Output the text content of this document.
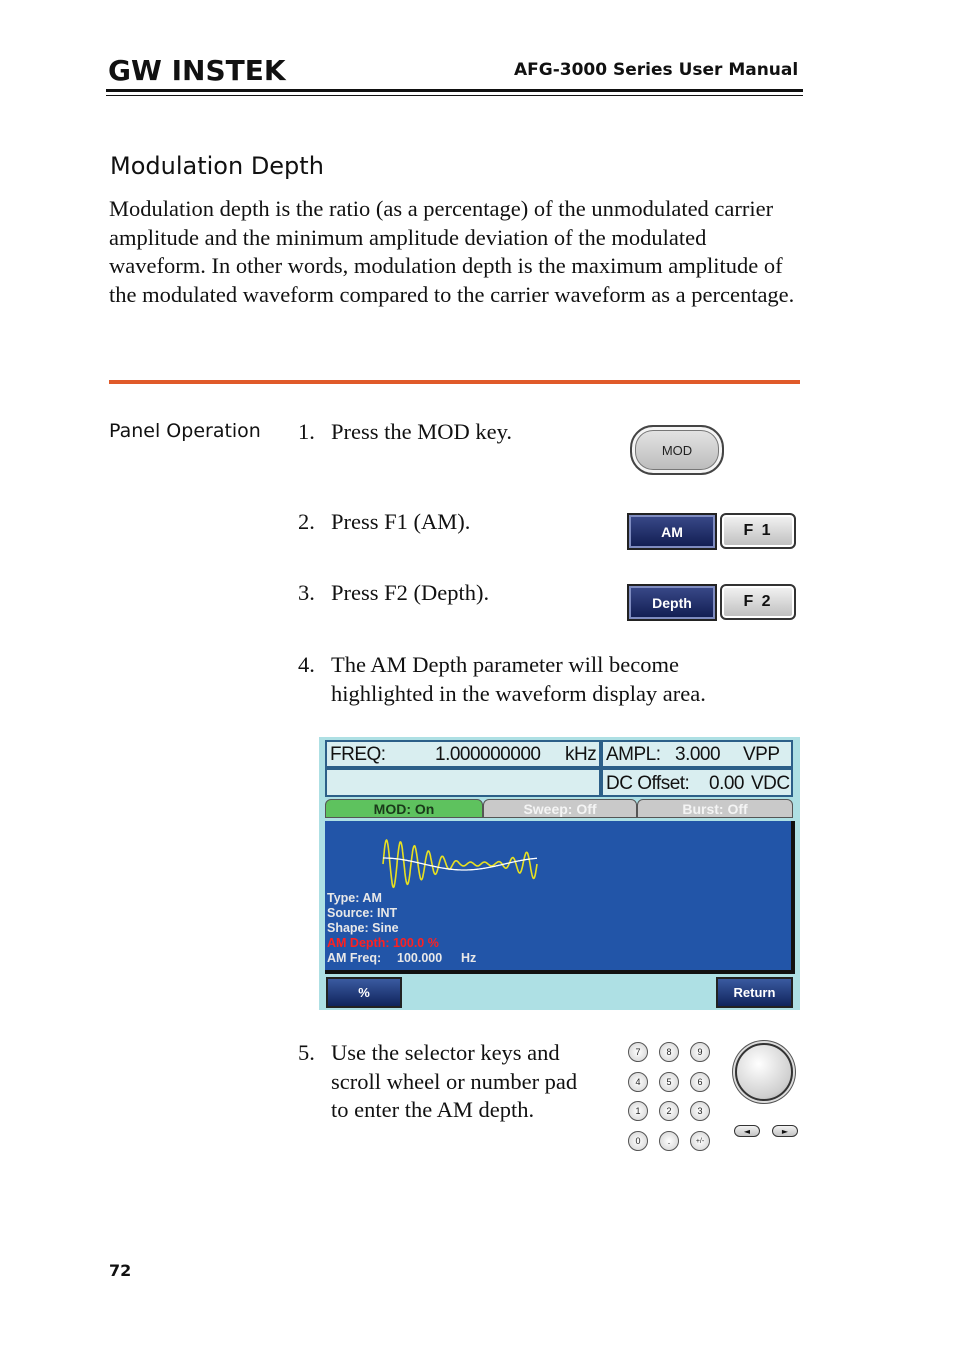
GW INSTEK	AFG-3000 Series User Manual
Modulation Depth
Modulation depth is the ratio (as a percentage) of the unmodulated carrier amplitude and the minimum amplitude deviation of the modulated waveform. In other words, modulation depth is the maximum amplitude of the modulated waveform compared to the carrier waveform as a percentage.
Panel Operation 1. Press the MOD key.
MOD
2. Press F1 (AM).	AM	F 1
3. Press F2 (Depth).	Depth	F 2
4. The AM Depth parameter will become
highlighted in the waveform display area.
FREQ:	1.000000000 kHz AMPL: 3.000 VPP
DC Offset: 0.00 VDC
MOD: On	Sweep: Off	Burst: Off
Type: AM
Source: INT
Shape: Sine
AM Depth: 100.0 %
AM Freq: 100.000 Hz
%	Return
5. Use the selector keys and
scroll wheel or number pad
to enter the AM depth.
7	8	9
4	5	6
1	2	3
0	.	+/-
◄	►
72
